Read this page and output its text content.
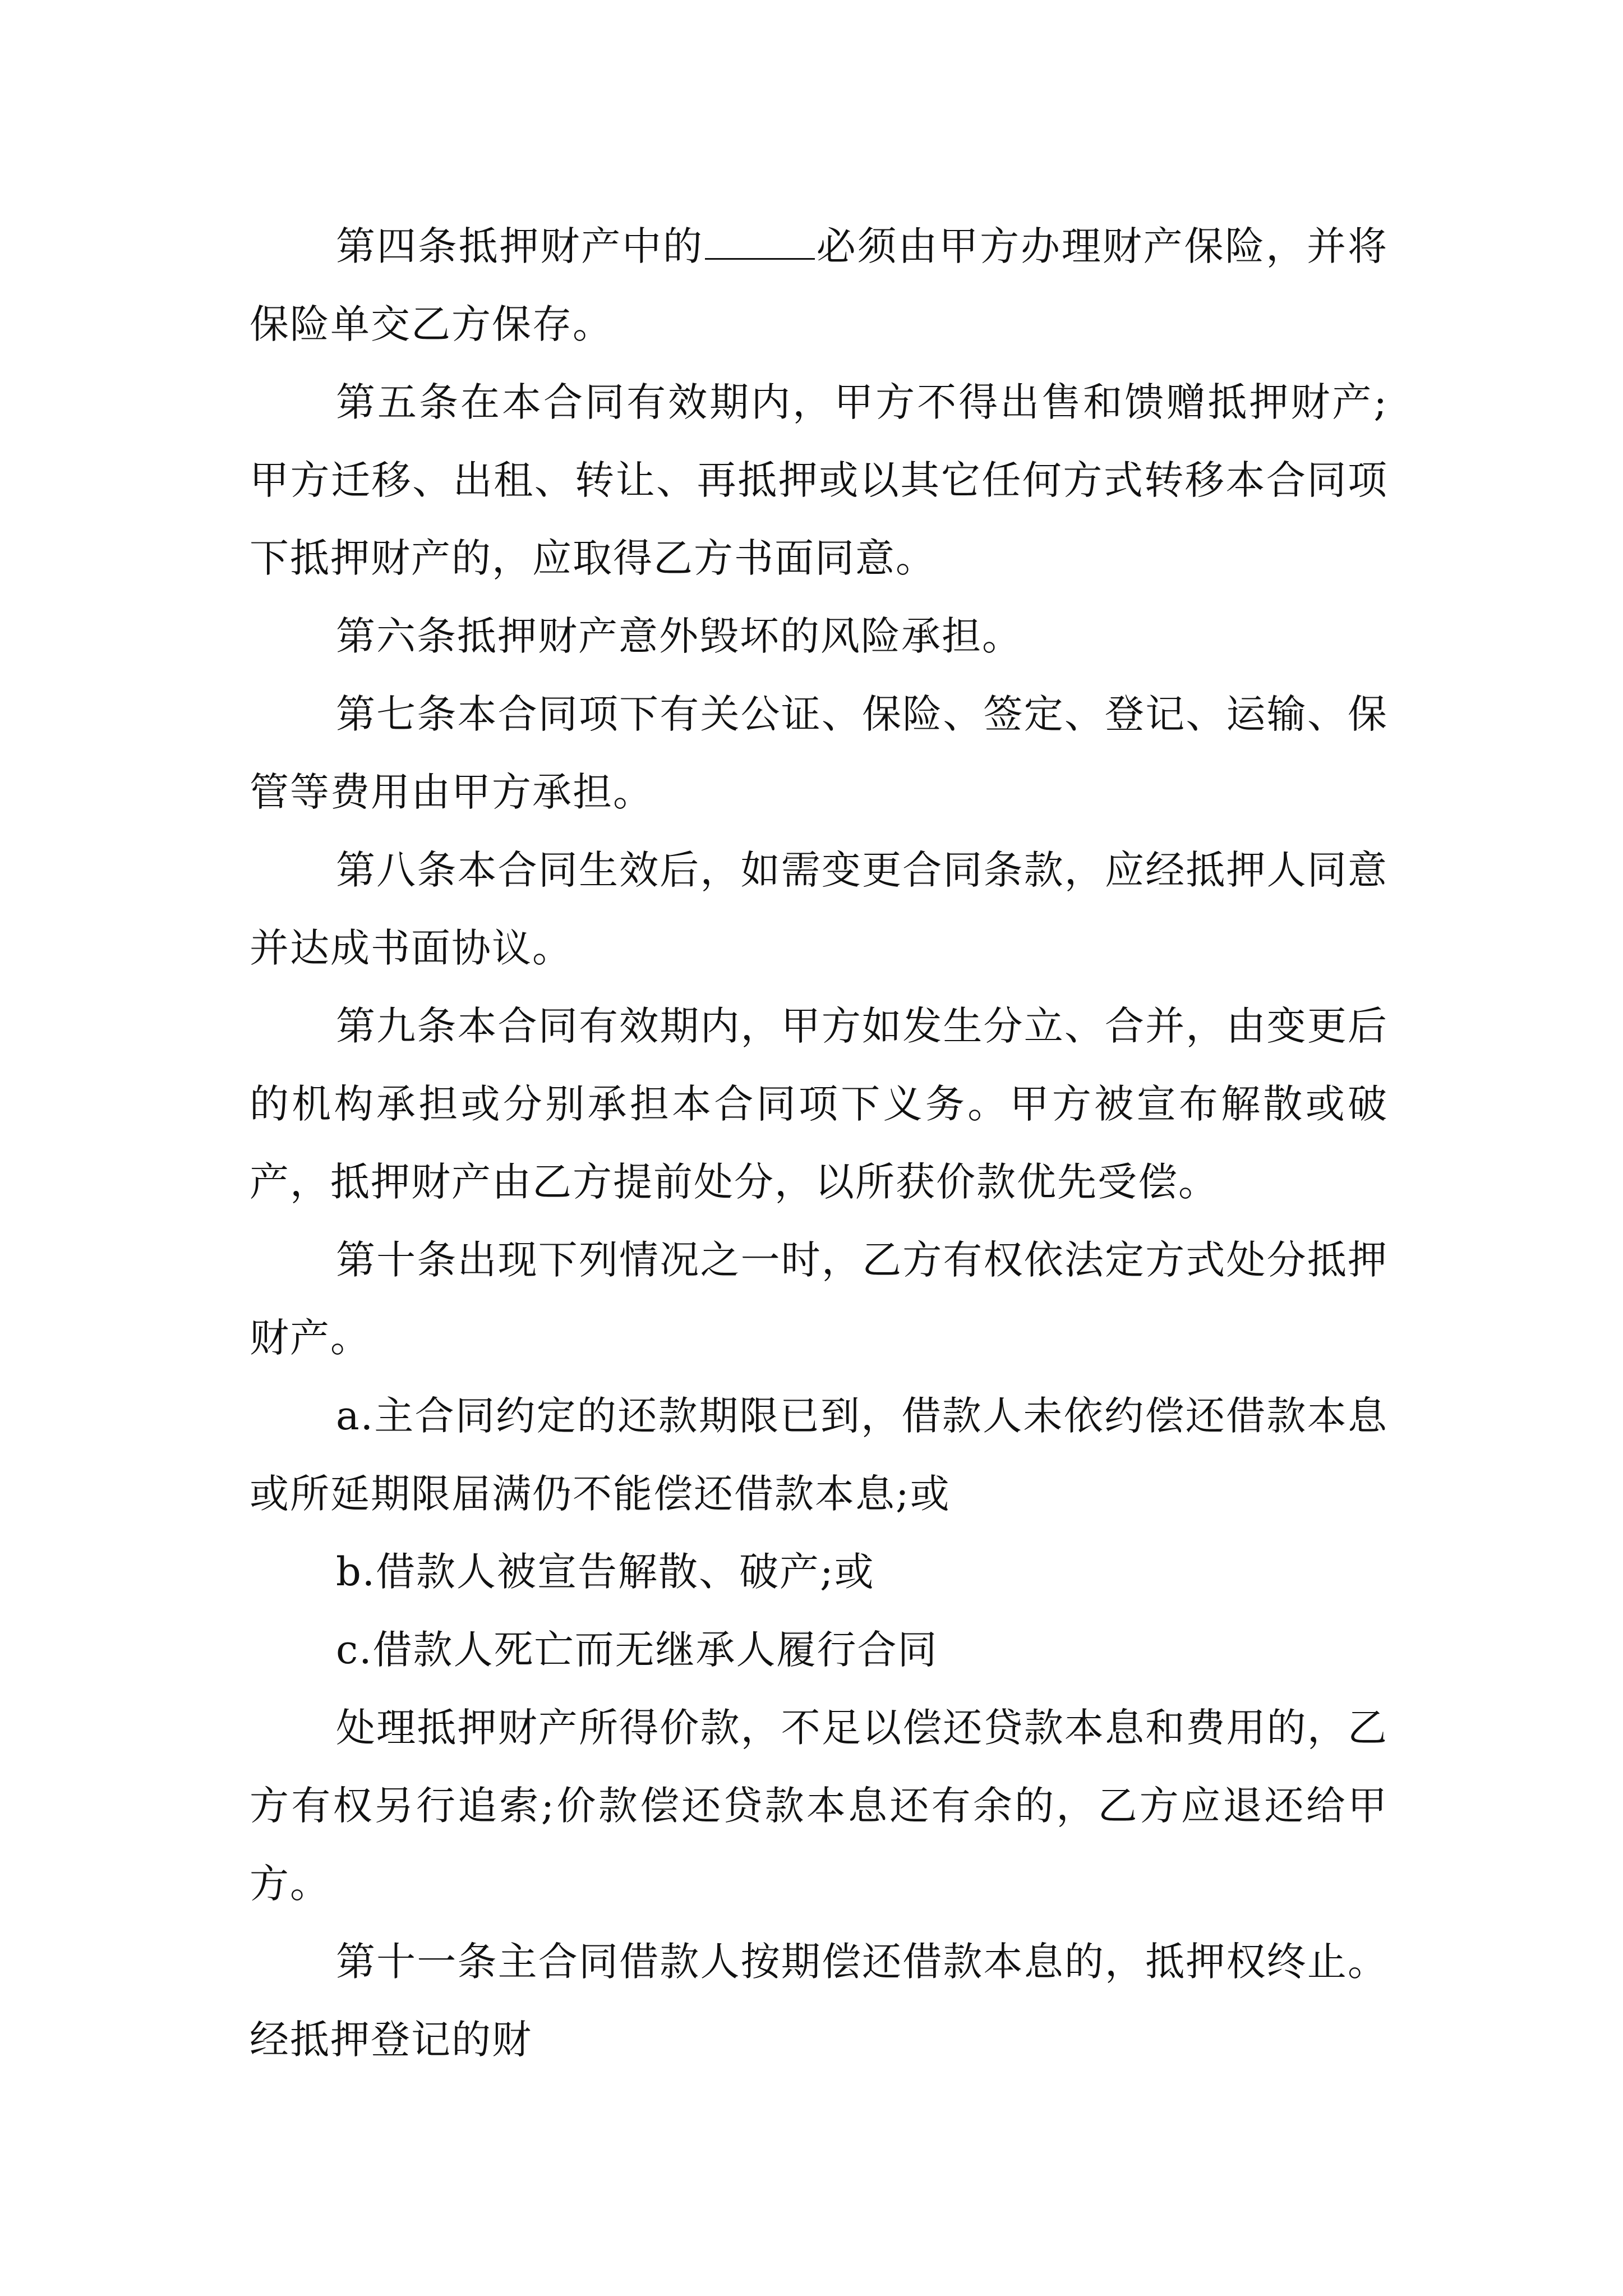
第四条抵押财产中的	必须由甲方办理财产保险，并将保险单交乙方保存。

第五条在本合同有效期内，甲方不得出售和馈赠抵押财产;甲方迁移、出租、转让、再抵押或以其它任何方式转移本合同项下抵押财产的，应取得乙方书面同意。

第六条抵押财产意外毁坏的风险承担。

第七条本合同项下有关公证、保险、签定、登记、运输、保管等费用由甲方承担。

第八条本合同生效后，如需变更合同条款，应经抵押人同意并达成书面协议。

第九条本合同有效期内，甲方如发生分立、合并，由变更后的机构承担或分别承担本合同项下义务。甲方被宣布解散或破产，抵押财产由乙方提前处分，以所获价款优先受偿。

第十条出现下列情况之一时，乙方有权依法定方式处分抵押财产。

a.主合同约定的还款期限已到，借款人未依约偿还借款本息或所延期限届满仍不能偿还借款本息;或

b.借款人被宣告解散、破产;或

c.借款人死亡而无继承人履行合同

处理抵押财产所得价款，不足以偿还贷款本息和费用的，乙方有权另行追索;价款偿还贷款本息还有余的，乙方应退还给甲方。

第十一条主合同借款人按期偿还借款本息的，抵押权终止。经抵押登记的财
